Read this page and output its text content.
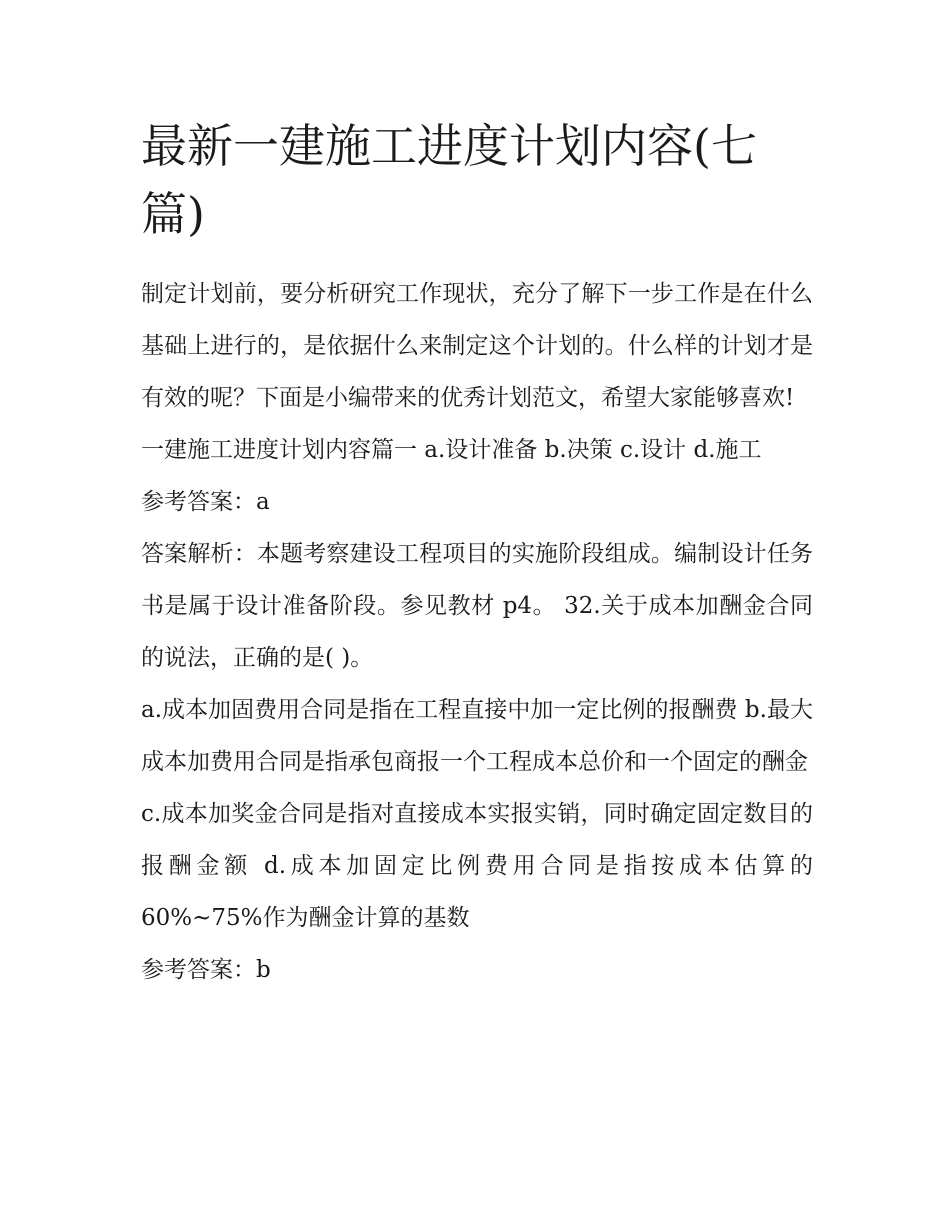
最新一建施工进度计划内容(七篇)

制定计划前，要分析研究工作现状，充分了解下一步工作是在什么基础上进行的，是依据什么来制定这个计划的。什么样的计划才是有效的呢？下面是小编带来的优秀计划范文，希望大家能够喜欢!

一建施工进度计划内容篇一 a.设计准备 b.决策 c.设计 d.施工

参考答案：a

答案解析：本题考察建设工程项目的实施阶段组成。编制设计任务书是属于设计准备阶段。参见教材 p4。 32.关于成本加酬金合同的说法，正确的是( )。

a.成本加固费用合同是指在工程直接中加一定比例的报酬费 b.最大成本加费用合同是指承包商报一个工程成本总价和一个固定的酬金

c.成本加奖金合同是指对直接成本实报实销，同时确定固定数目的报酬金额 d.成本加固定比例费用合同是指按成本估算的60%~75%作为酬金计算的基数

参考答案：b
